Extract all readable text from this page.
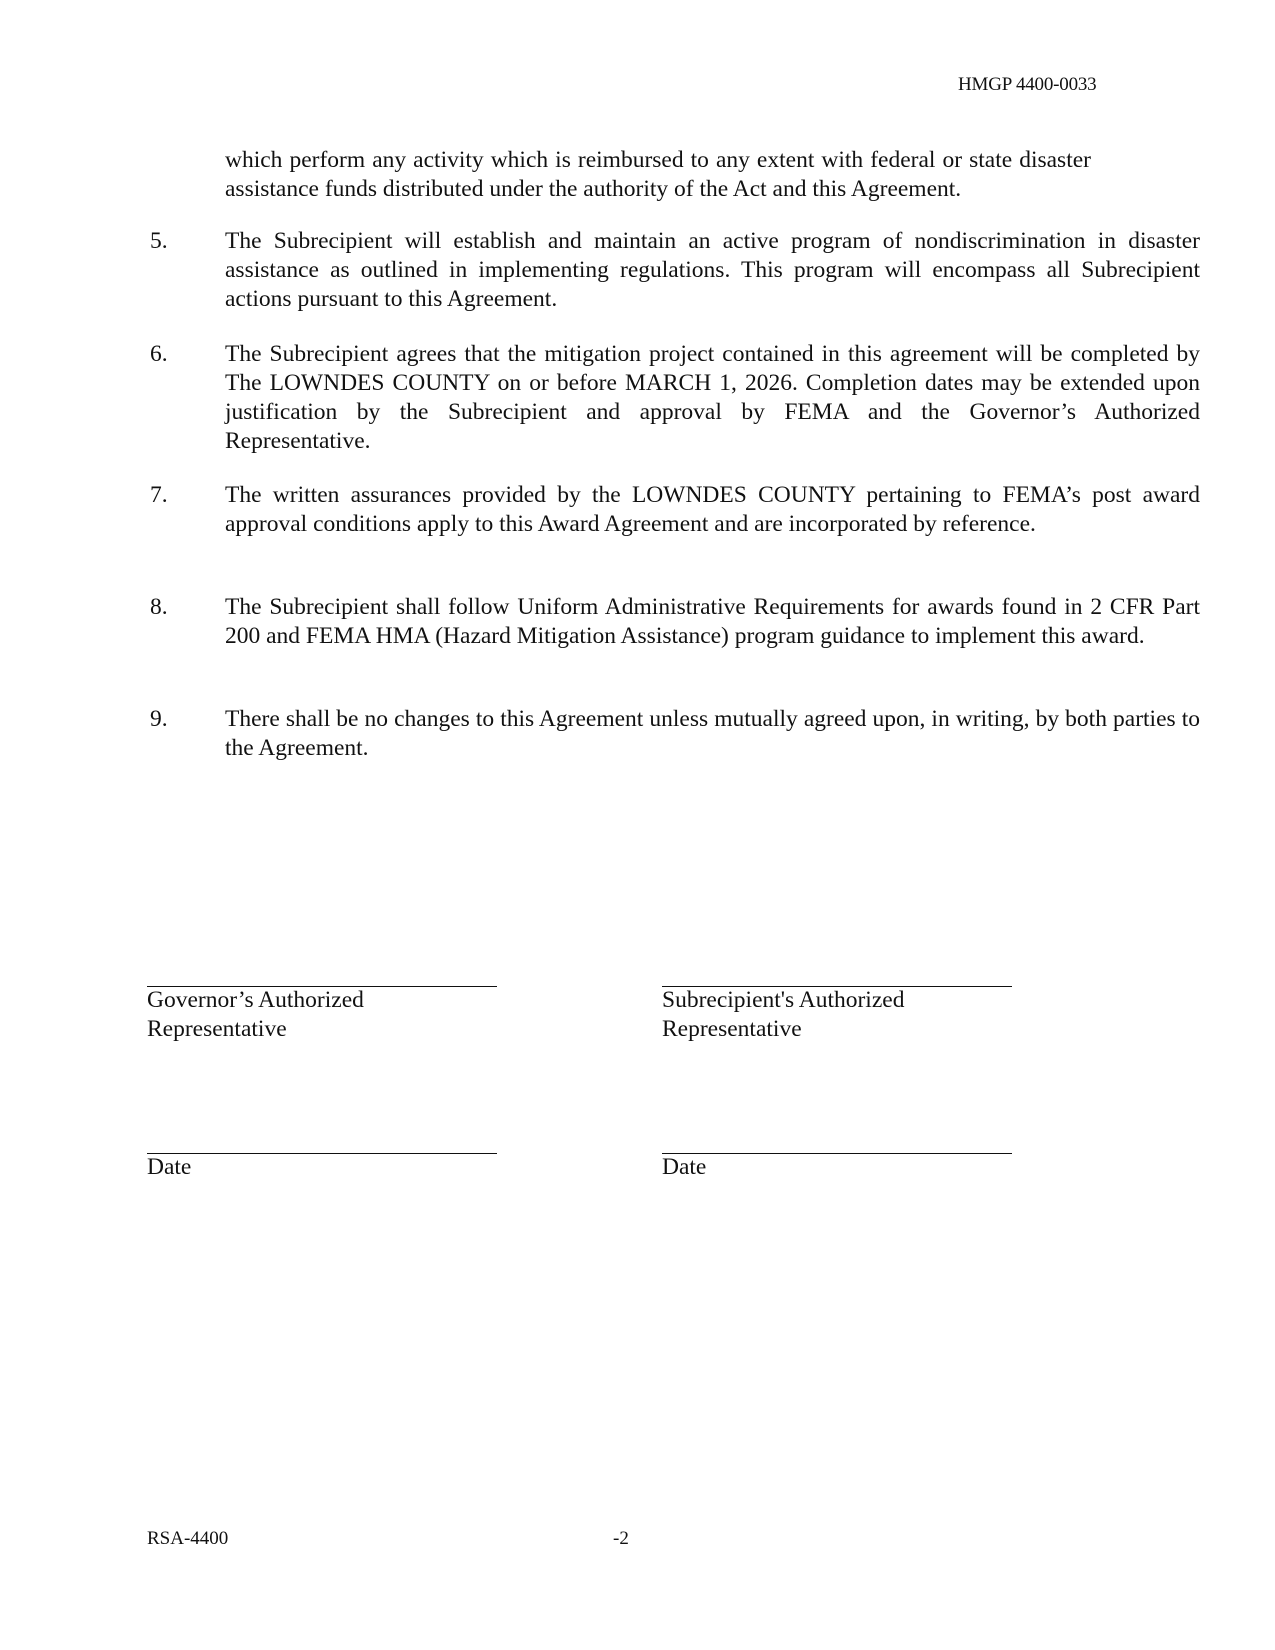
HMGP 4400-0033
which perform any activity which is reimbursed to any extent with federal or state disaster assistance funds distributed under the authority of the Act and this Agreement.
5. The Subrecipient will establish and maintain an active program of nondiscrimination in disaster assistance as outlined in implementing regulations. This program will encompass all Subrecipient actions pursuant to this Agreement.
6. The Subrecipient agrees that the mitigation project contained in this agreement will be completed by The LOWNDES COUNTY on or before MARCH 1, 2026. Completion dates may be extended upon justification by the Subrecipient and approval by FEMA and the Governor’s Authorized Representative.
7. The written assurances provided by the LOWNDES COUNTY pertaining to FEMA’s post award approval conditions apply to this Award Agreement and are incorporated by reference.
8. The Subrecipient shall follow Uniform Administrative Requirements for awards found in 2 CFR Part 200 and FEMA HMA (Hazard Mitigation Assistance) program guidance to implement this award.
9. There shall be no changes to this Agreement unless mutually agreed upon, in writing, by both parties to the Agreement.
Governor’s Authorized
Representative
Subrecipient's Authorized
Representative
Date	Date
RSA-4400	-2
